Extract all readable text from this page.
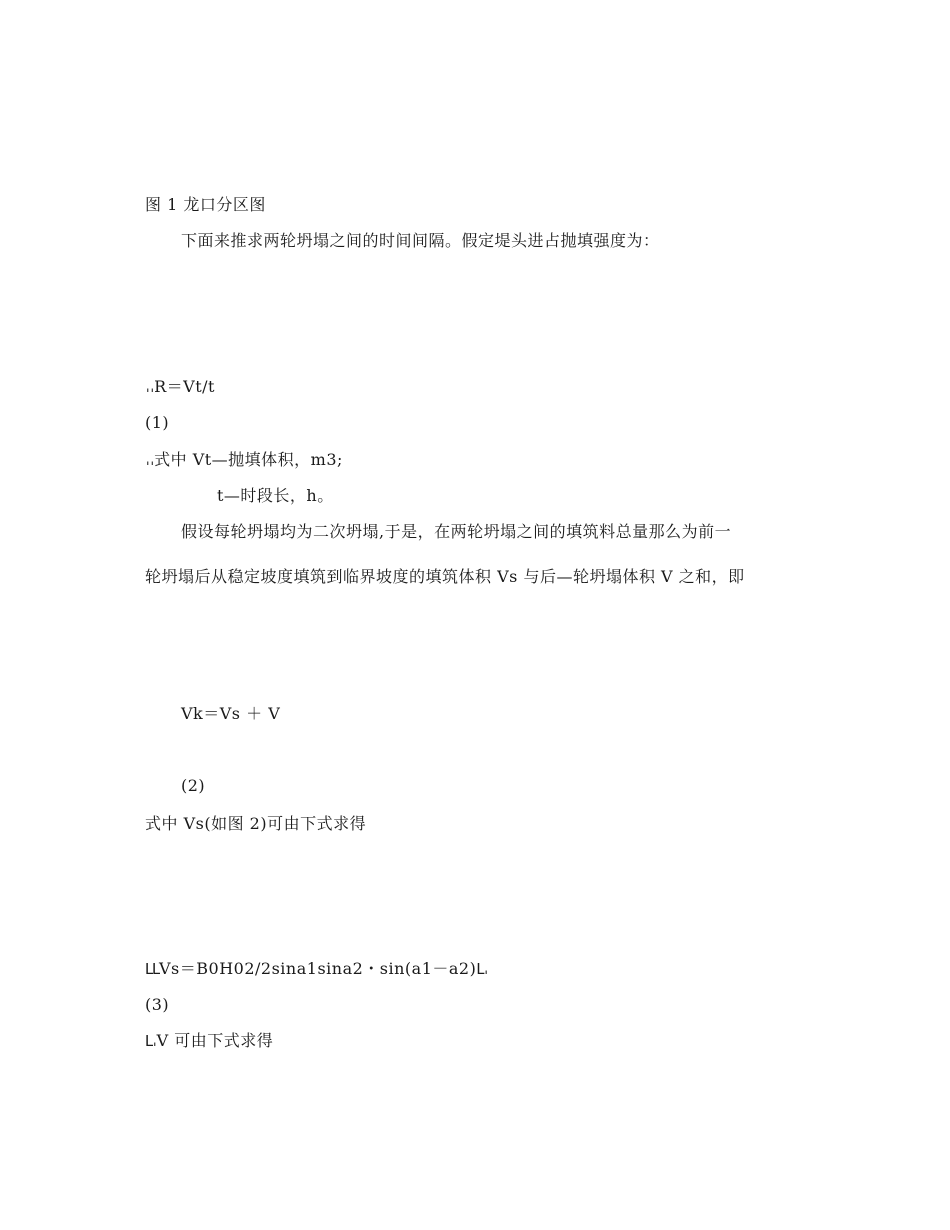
图 1 龙口分区图
下面来推求两轮坍塌之间的时间间隔。假定堤头进占抛填强度为：
𐄀𐄀R＝Vt/t
(1)
𐄀𐄀式中 Vt—抛填体积，m3;
t—时段长，h。
假设每轮坍塌均为二次坍塌,于是，在两轮坍塌之间的填筑料总量那么为前一
轮坍塌后从稳定坡度填筑到临界坡度的填筑体积 Vs 与后—轮坍塌体积 V 之和，即
Vk＝Vs ＋ V
(2)
式中 Vs(如图 2)可由下式求得
ԼԼVs＝B0H02/2sina1sina2・sin(a1－a2)Լ𐄀
(3)
Լ𐄀V 可由下式求得
